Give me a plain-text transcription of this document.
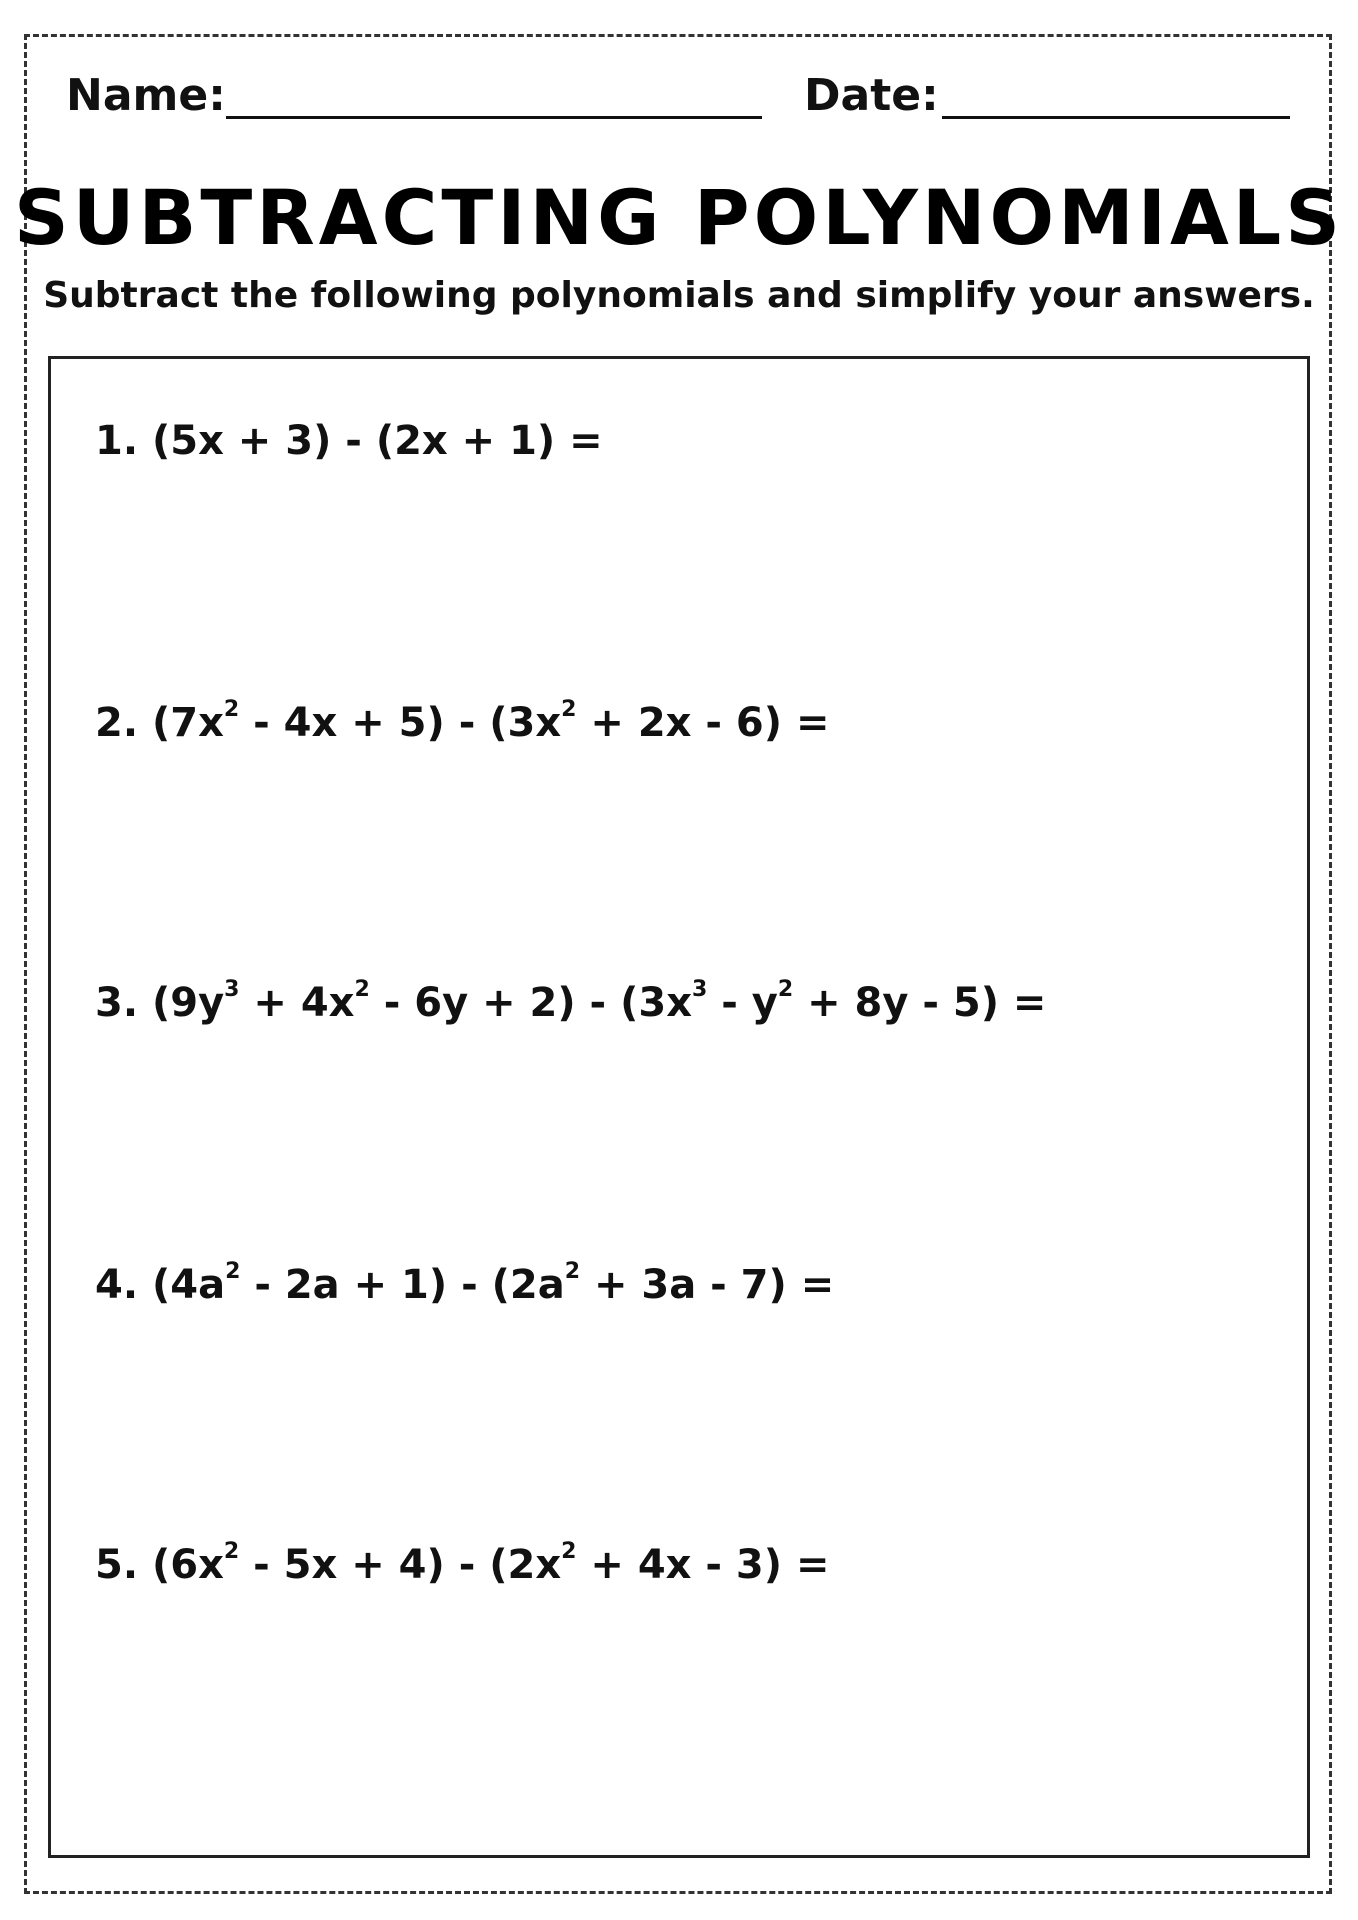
Name:	Date:
SUBTRACTING POLYNOMIALS
Subtract the following polynomials and simplify your answers.
1. (5x + 3) - (2x + 1) =
2. $(7x^2 - 4x + 5) - (3x^2 + 2x - 6)$ =
3. $(9y^3 + 4x^2 - 6y + 2) - (3x^3 - y^2 + 8y - 5)$ =
4. $(4a^2 - 2a + 1) - (2a^2 + 3a - 7)$ =
5. $(6x^2 - 5x + 4) - (2x^2 + 4x - 3)$ =
